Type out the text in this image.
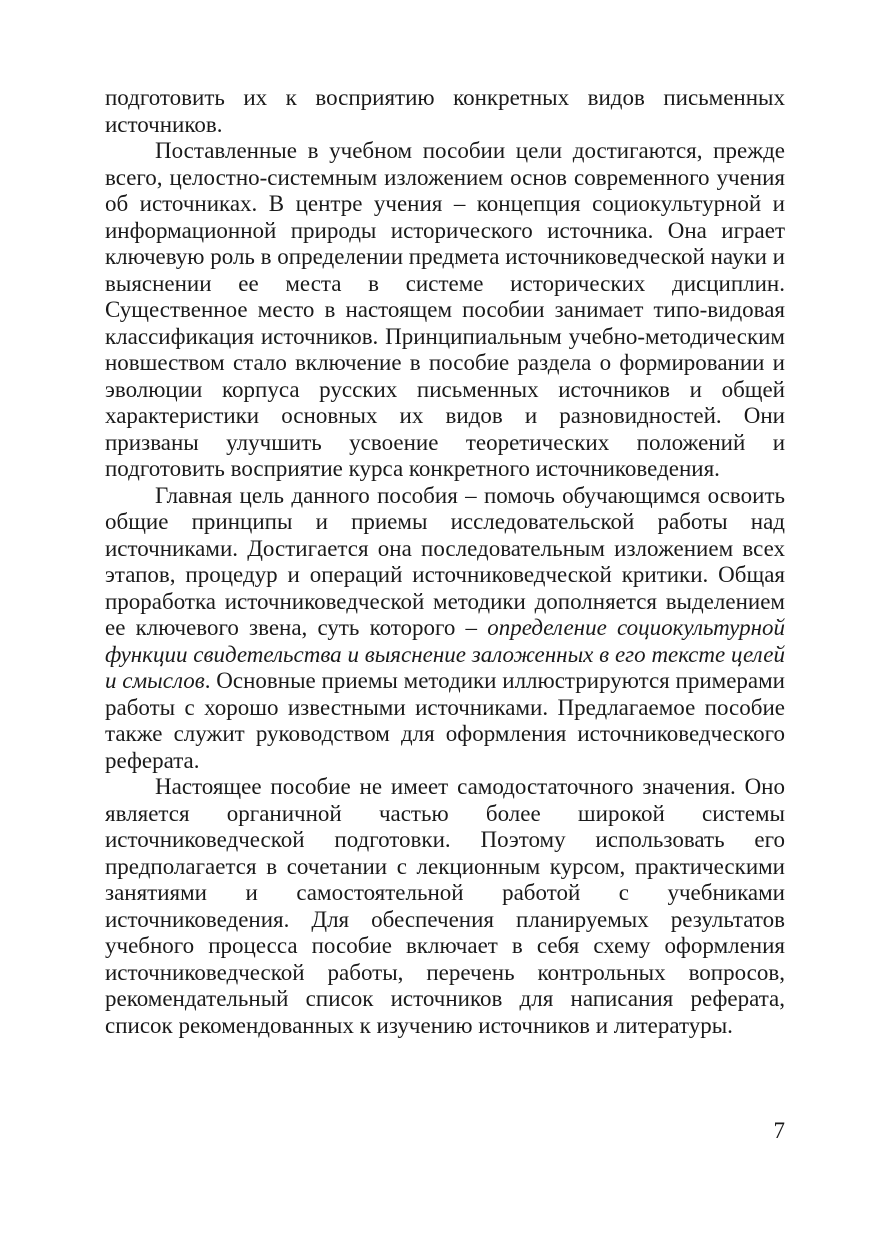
подготовить их к восприятию конкретных видов письменных источников.

Поставленные в учебном пособии цели достигаются, прежде всего, целостно-системным изложением основ современного учения об источниках. В центре учения – концепция социокультурной и информационной природы исторического источника. Она играет ключевую роль в определении предмета источниковедческой науки и выяснении ее места в системе исторических дисциплин. Существенное место в настоящем пособии занимает типо-видовая классификация источников. Принципиальным учебно-методическим новшеством стало включение в пособие раздела о формировании и эволюции корпуса русских письменных источников и общей характеристики основных их видов и разновидностей. Они призваны улучшить усвоение теоретических положений и подготовить восприятие курса конкретного источниковедения.

Главная цель данного пособия – помочь обучающимся освоить общие принципы и приемы исследовательской работы над источниками. Достигается она последовательным изложением всех этапов, процедур и операций источниковедческой критики. Общая проработка источниковедческой методики дополняется выделением ее ключевого звена, суть которого – определение социокультурной функции свидетельства и выяснение заложенных в его тексте целей и смыслов. Основные приемы методики иллюстрируются примерами работы с хорошо известными источниками. Предлагаемое пособие также служит руководством для оформления источниковедческого реферата.

Настоящее пособие не имеет самодостаточного значения. Оно является органичной частью более широкой системы источниковедческой подготовки. Поэтому использовать его предполагается в сочетании с лекционным курсом, практическими занятиями и самостоятельной работой с учебниками источниковедения. Для обеспечения планируемых результатов учебного процесса пособие включает в себя схему оформления источниковедческой работы, перечень контрольных вопросов, рекомендательный список источников для написания реферата, список рекомендованных к изучению источников и литературы.

7
